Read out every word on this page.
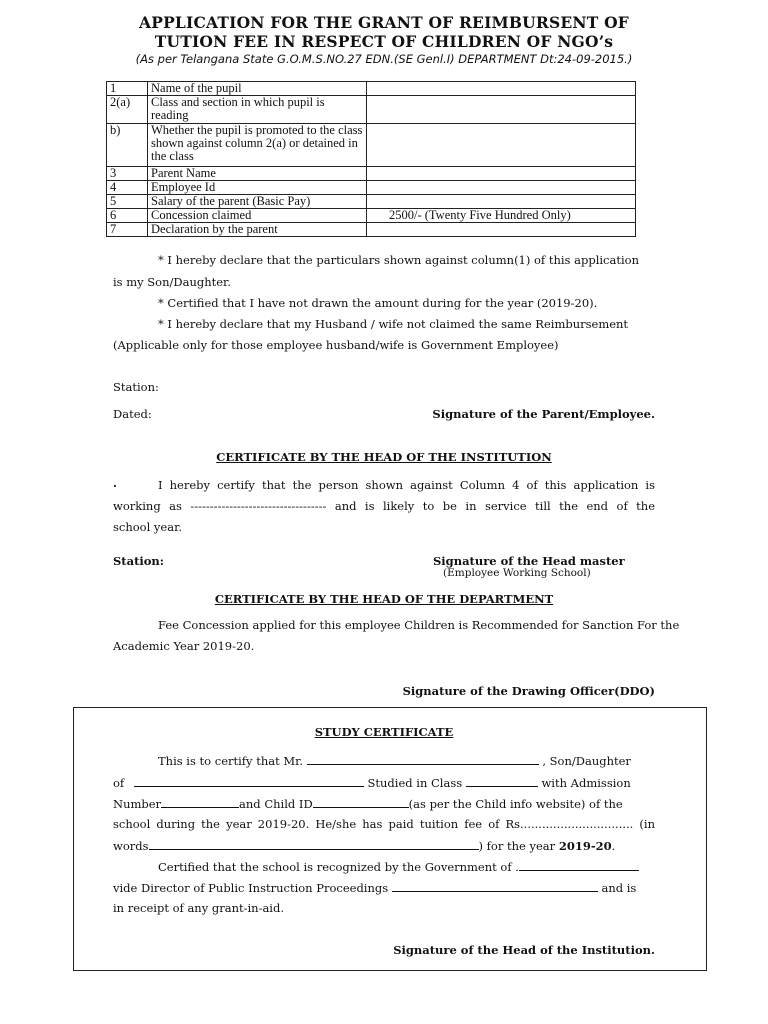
APPLICATION FOR THE GRANT OF REIMBURSENT OF
TUTION FEE IN RESPECT OF CHILDREN OF NGO’s
(As per Telangana State G.O.M.S.NO.27 EDN.(SE Genl.I) DEPARTMENT Dt:24-09-2015.)
1	Name of the pupil	
2(a)	Class and section in which pupil is reading	
b)	Whether the pupil is promoted to the class shown against column 2(a) or detained in the class	
3	Parent Name	
4	Employee Id	
5	Salary of the parent (Basic Pay)	
6	Concession claimed	2500/- (Twenty Five Hundred Only)
7	Declaration by the parent	
* I hereby declare that the particulars shown against column(1) of this application
is my Son/Daughter.
* Certified that I have not drawn the amount during for the year (2019-20).
* I hereby declare that my Husband / wife not claimed the same Reimbursement
(Applicable only for those employee husband/wife is Government Employee)
Station:
Dated:	Signature of the Parent/Employee.
CERTIFICATE BY THE HEAD OF THE INSTITUTION
.	I hereby certify that the person shown against Column 4 of this application is
working as ----------------------------------- and is likely to be in service till the end of the
school year.
Station:	Signature of the Head master
(Employee Working School)
CERTIFICATE BY THE HEAD OF THE DEPARTMENT
Fee Concession applied for this employee Children is Recommended for Sanction For the
Academic Year 2019-20.
Signature of the Drawing Officer(DDO)
STUDY CERTIFICATE
This is to certify that Mr.	, Son/Daughter
of	Studied in Class	with Admission
Number	and Child ID	(as per the Child info website) of the
school during the year 2019-20. He/she has paid tuition fee of Rs............................... (in
words	) for the year 2019-20.
Certified that the school is recognized by the Government of .
vide Director of Public Instruction Proceedings	and is
in receipt of any grant-in-aid.
Signature of the Head of the Institution.
